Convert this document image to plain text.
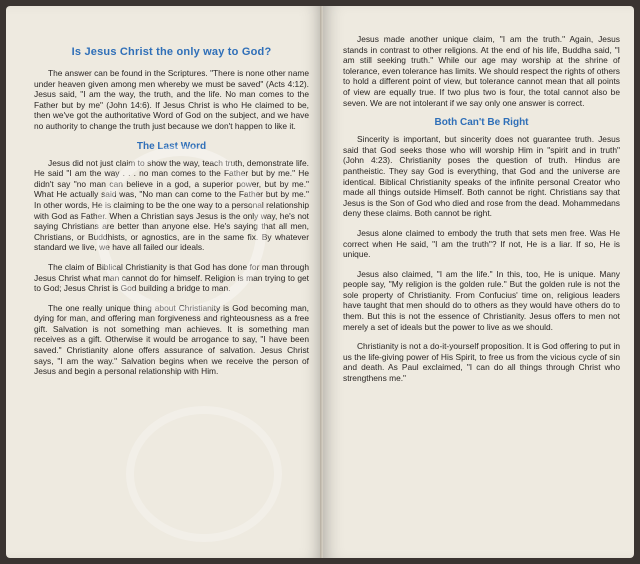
Is Jesus Christ the only way to God?

The answer can be found in the Scriptures. "There is none other name under heaven given among men whereby we must be saved" (Acts 4:12). Jesus said, "I am the way, the truth, and the life. No man comes to the Father but by me" (John 14:6). If Jesus Christ is who He claimed to be, then we've got the authoritative Word of God on the subject, and we have no authority to change the truth just because we don't happen to like it.

The Last Word

Jesus did not just claim to show the way, teach truth, demonstrate life. He said "I am the way . . . no man comes to the Father but by me." He didn't say "no man can believe in a god, a superior power, but by me." What He actually said was, "No man can come to the Father but by me." In other words, He is claiming to be the one way to a personal relationship with God as Father. When a Christian says Jesus is the only way, he's not saying Christians are better than anyone else. He's saying that all men, Christians, or Buddhists, or agnostics, are in the same fix. By whatever standard we live, we have all failed our ideals.

The claim of Biblical Christianity is that God has done for man through Jesus Christ what man cannot do for himself. Religion is man trying to get to God; Jesus Christ is God building a bridge to man.

The one really unique thing about Christianity is God becoming man, dying for man, and offering man forgiveness and righteousness as a free gift. Salvation is not something man achieves. It is something man receives as a gift. Otherwise it would be arrogance to say, "I have been saved." Christianity alone offers assurance of salvation. Jesus Christ says, "I am the way." Salvation begins when we receive the person of Jesus and begin a personal relationship with Him.

Jesus made another unique claim, "I am the truth." Again, Jesus stands in contrast to other religions. At the end of his life, Buddha said, "I am still seeking truth." While our age may worship at the shrine of tolerance, even tolerance has limits. We should respect the rights of others to hold a different point of view, but tolerance cannot mean that all points of view are equally true. If two plus two is four, the total cannot also be seven. We are not intolerant if we say only one answer is correct.

Both Can't Be Right

Sincerity is important, but sincerity does not guarantee truth. Jesus said that God seeks those who will worship Him in "spirit and in truth" (John 4:23). Christianity poses the question of truth. Hindus are pantheistic. They say God is everything, that God and the universe are identical. Biblical Christianity speaks of the infinite personal Creator who made all things outside Himself. Both cannot be right. Christians say that Jesus is the Son of God who died and rose from the dead. Mohammedans deny these claims. Both cannot be right.

Jesus alone claimed to embody the truth that sets men free. Was He correct when He said, "I am the truth"? If not, He is a liar. If so, He is unique.

Jesus also claimed, "I am the life." In this, too, He is unique. Many people say, "My religion is the golden rule." But the golden rule is not the sole property of Christianity. From Confucius' time on, religious leaders have taught that men should do to others as they would have others do to them. But this is not the essence of Christianity. Jesus offers to men not merely a set of ideals but the power to live as we should.

Christianity is not a do-it-yourself proposition. It is God offering to put in us the life-giving power of His Spirit, to free us from the vicious cycle of sin and death. As Paul exclaimed, "I can do all things through Christ who strengthens me."
